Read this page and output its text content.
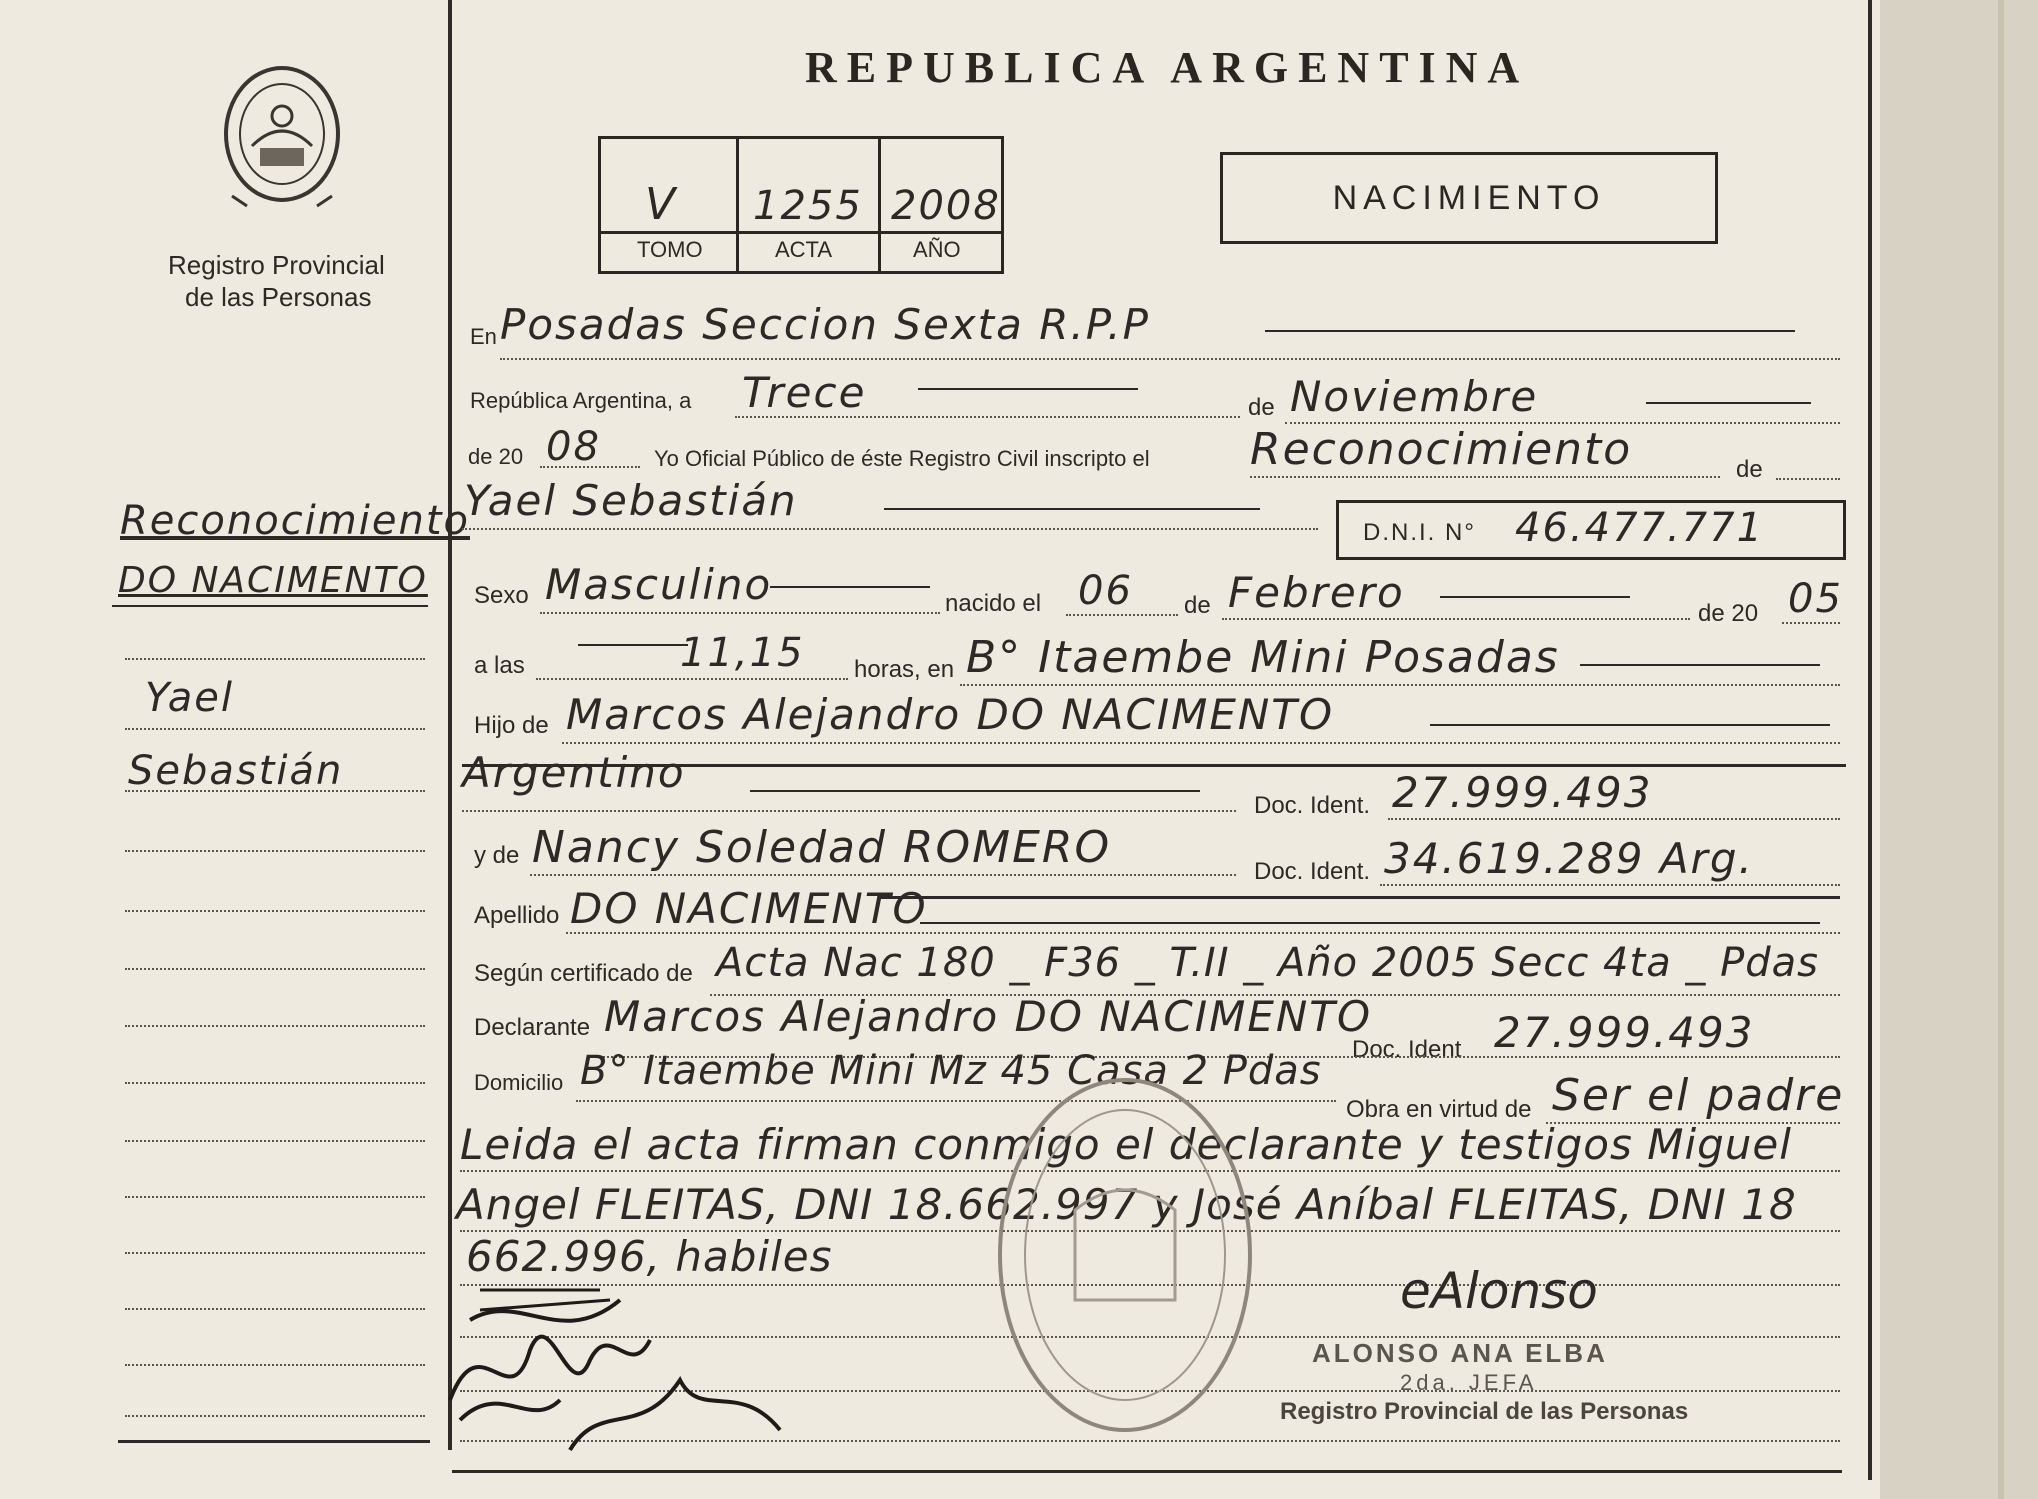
Registro Provincial
de las Personas
Reconocimiento
DO NACIMENTO
Yael
Sebastián
REPUBLICA ARGENTINA
V 1255 2008
TOMO	ACTA	AÑO
NACIMIENTO
En Posadas Seccion Sexta R.P.P
República Argentina, a Trece	de Noviembre
de 20 08 Yo Oficial Público de éste Registro Civil inscripto el Reconocimiento	de
Yael Sebastián
D.N.I. N° 46.477.771
Sexo Masculino	nacido el 06 de Febrero	de 20 05
a las	11,15 horas, en B° Itaembe Mini Posadas
Hijo de Marcos Alejandro DO NACIMENTO
Argentino
Doc. Ident. 27.999.493
y de Nancy Soledad ROMERO	Doc. Ident. 34.619.289 Arg.
Apellido DO NACIMENTO
Según certificado de Acta Nac 180 _ F36 _ T.II _ Año 2005 Secc 4ta _ Pdas
Declarante Marcos Alejandro DO NACIMENTO
Doc. Ident 27.999.493
Domicilio B° Itaembe Mini Mz 45 Casa 2 Pdas
Obra en virtud de Ser el padre
Leida el acta firman conmigo el declarante y testigos Miguel
Angel FLEITAS, DNI 18.662.997 y José Aníbal FLEITAS, DNI 18
662.996, habiles
eAlonso
ALONSO ANA ELBA
2da. JEFA
Registro Provincial de las Personas
